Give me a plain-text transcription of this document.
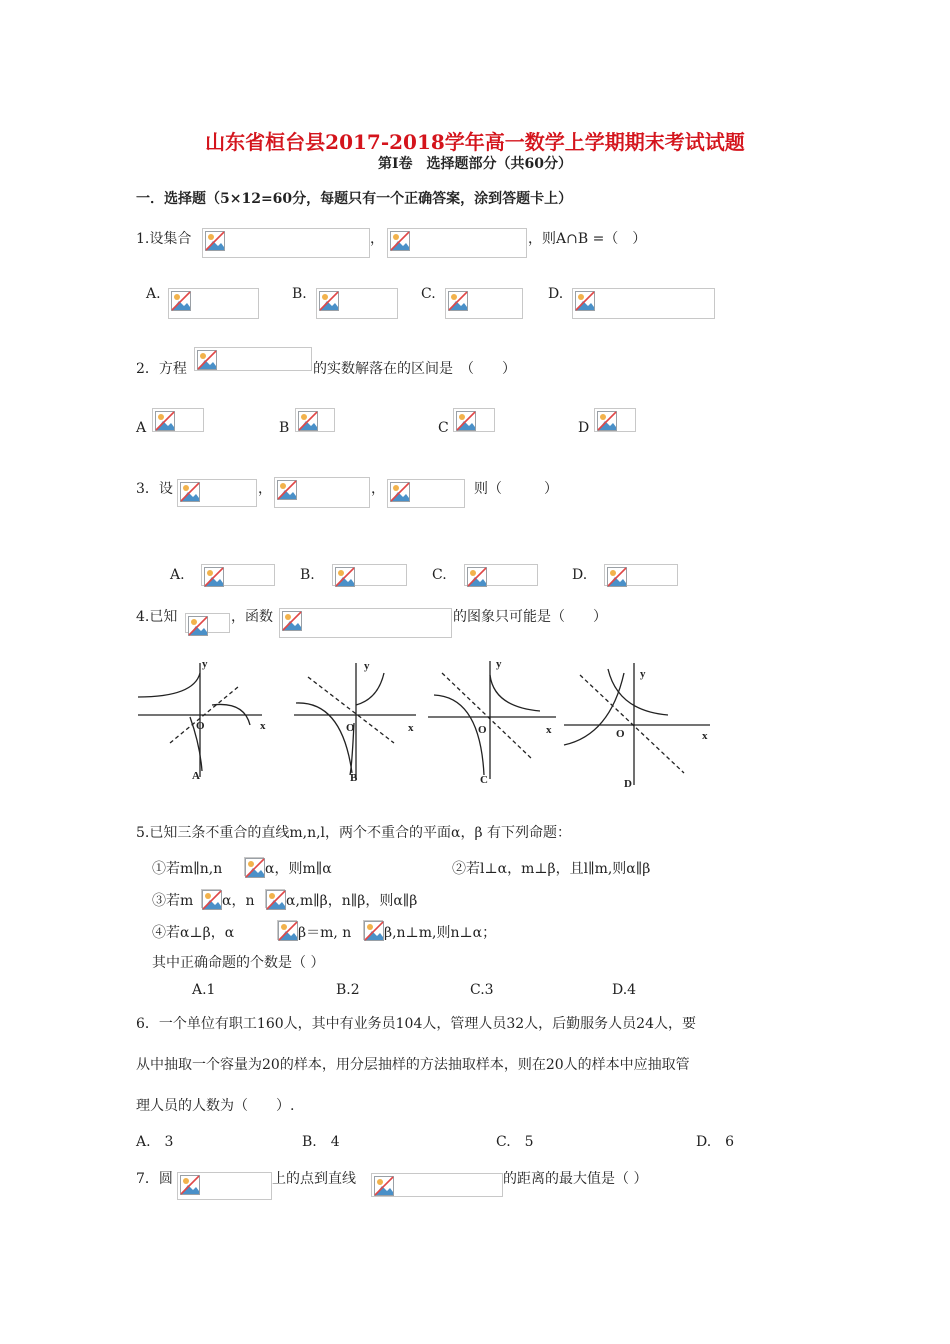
山东省桓台县2017-2018学年高一数学上学期期末考试试题
第Ⅰ卷　选择题部分（共60分）
一．选择题（5×12=60分，每题只有一个正确答案，涂到答题卡上）
1.设集合	，	，则A∩B =（　）
A.	B.	C.	D.
2．方程	的实数解落在的区间是　（　　）
A	B	C	D
3．设	，	，	则（　　　）
A.	B.	C.	D.
4.已知	，函数	的图象只可能是（　　）
y
x
O
A
y
x
O
B
y
x
O
C
y
x
O
D
5.已知三条不重合的直线m,n,l，两个不重合的平面α，β 有下列命题：
①若m∥n,n	α，则m∥α	②若l⊥α，m⊥β，且l∥m,则α∥β
③若m α，n α,m∥β，n∥β，则α∥β
④若α⊥β，α	β＝m, n β,n⊥m,则n⊥α；
其中正确命题的个数是（ ）
A.1	B.2	C.3	D.4
6．一个单位有职工160人，其中有业务员104人，管理人员32人，后勤服务人员24人，要
从中抽取一个容量为20的样本，用分层抽样的方法抽取样本，则在20人的样本中应抽取管
理人员的人数为（　　）.
A.　3	B.　4	C.　5	D.　6
7．圆	上的点到直线	的距离的最大值是（ ）
